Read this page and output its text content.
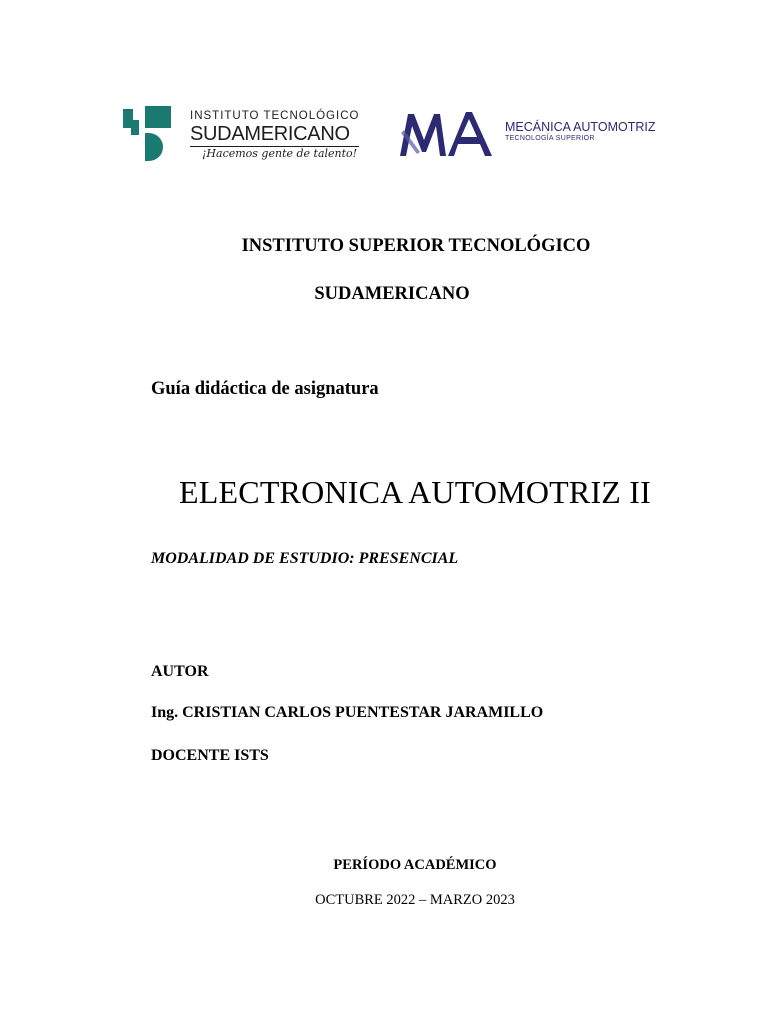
INSTITUTO TECNOLÓGICO
SUDAMERICANO
¡Hacemos gente de talento!
MECÁNICA AUTOMOTRIZ
TECNOLOGÍA SUPERIOR
INSTITUTO SUPERIOR TECNOLÓGICO
SUDAMERICANO
Guía didáctica de asignatura
ELECTRONICA AUTOMOTRIZ II
MODALIDAD DE ESTUDIO: PRESENCIAL
AUTOR
Ing. CRISTIAN CARLOS PUENTESTAR JARAMILLO
DOCENTE ISTS
PERÍODO ACADÉMICO
OCTUBRE 2022 – MARZO 2023
